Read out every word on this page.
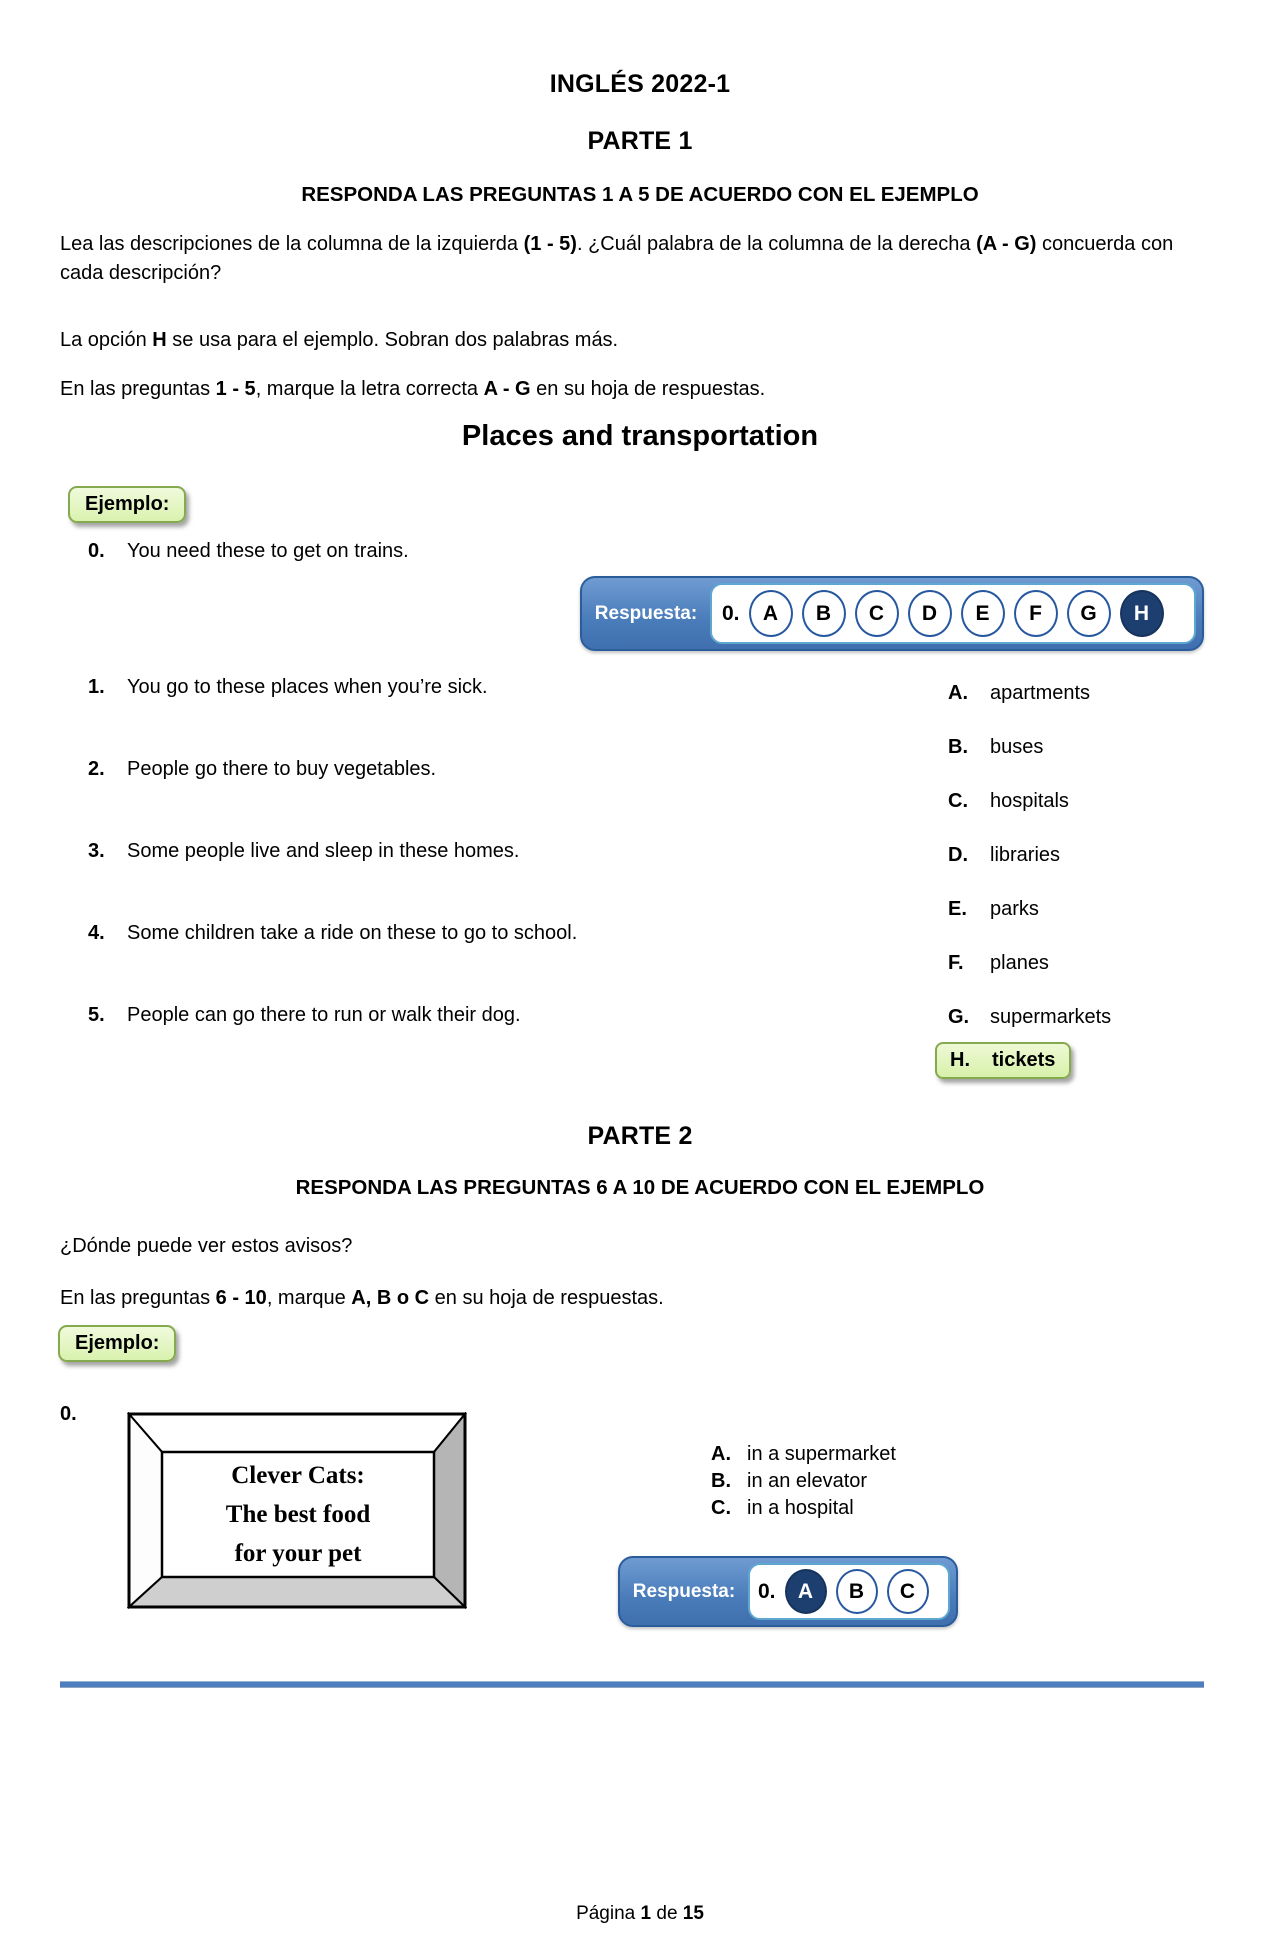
INGLÉS 2022-1
PARTE 1
RESPONDA LAS PREGUNTAS 1 A 5 DE ACUERDO CON EL EJEMPLO
Lea las descripciones de la columna de la izquierda (1 - 5). ¿Cuál palabra de la columna de la derecha (A - G) concuerda con cada descripción?
La opción H se usa para el ejemplo. Sobran dos palabras más.
En las preguntas 1 - 5, marque la letra correcta A - G en su hoja de respuestas.
Places and transportation
Ejemplo:
0. You need these to get on trains.
Respuesta:	0.	A	B	C	D	E	F	G	H
1. You go to these places when you’re sick.
2. People go there to buy vegetables.
3. Some people live and sleep in these homes.
4. Some children take a ride on these to go to school.
5. People can go there to run or walk their dog.
A. apartments
B. buses
C. hospitals
D. libraries
E. parks
F. planes
G. supermarkets
H. tickets
PARTE 2
RESPONDA LAS PREGUNTAS 6 A 10 DE ACUERDO CON EL EJEMPLO
¿Dónde puede ver estos avisos?
En las preguntas 6 - 10, marque A, B o C en su hoja de respuestas.
Ejemplo:
0.
Clever Cats:
The best food
for your pet
A. in a supermarket
B. in an elevator
C. in a hospital
Respuesta:	0.	A	B	C
Página 1 de 15
